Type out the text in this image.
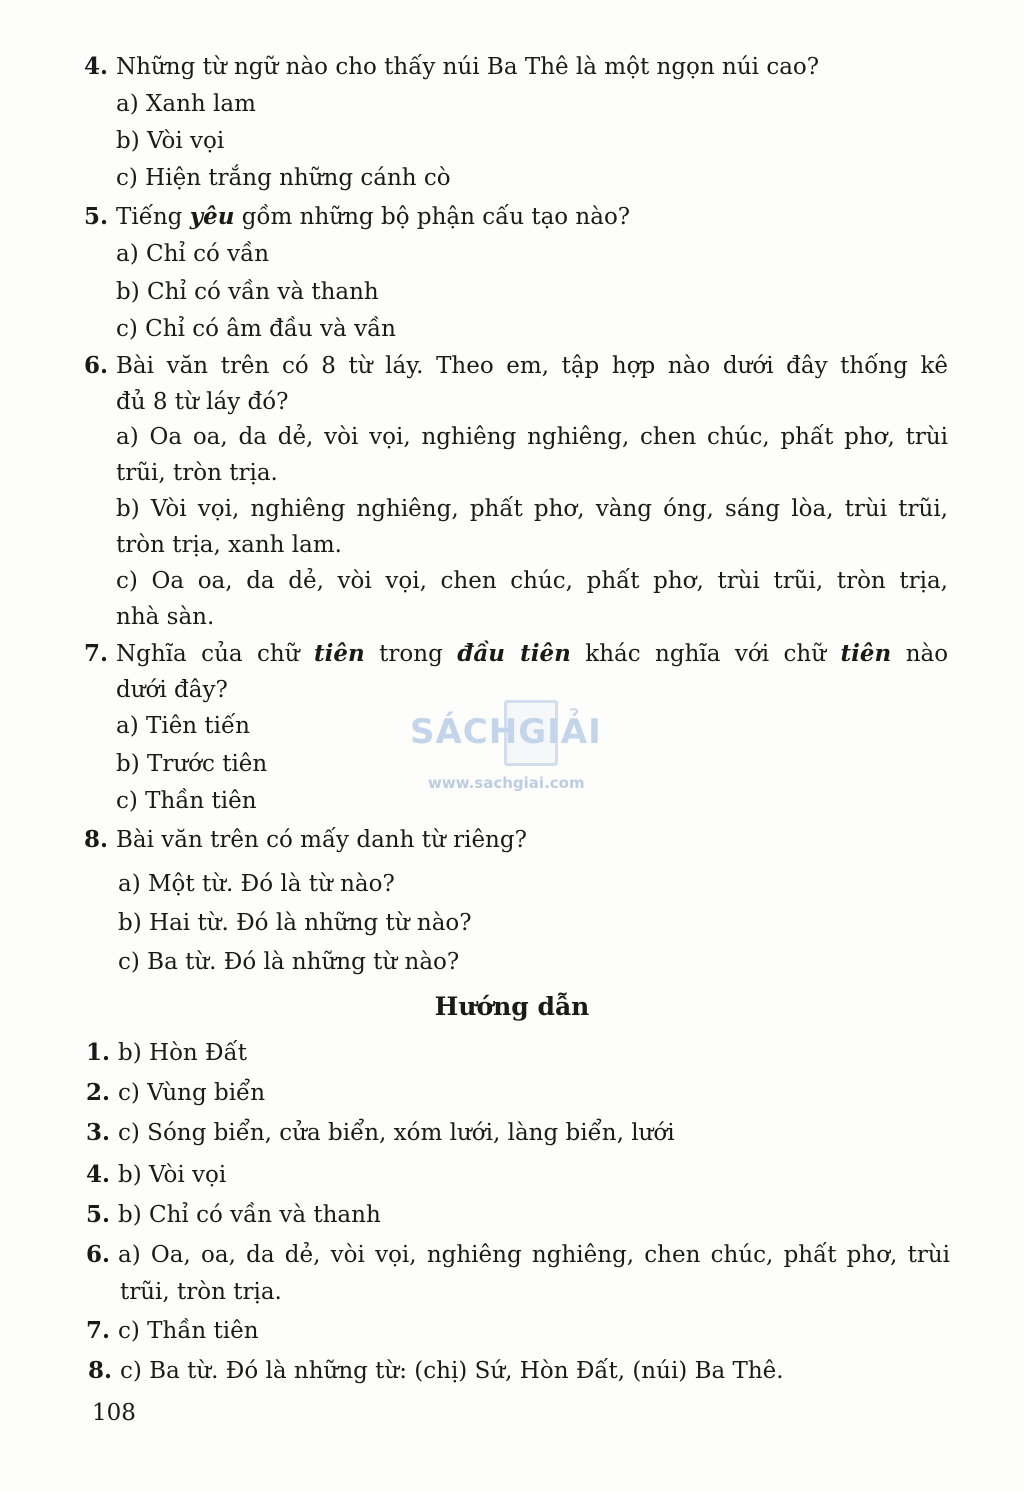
4. Những từ ngữ nào cho thấy núi Ba Thê là một ngọn núi cao?
a) Xanh lam
b) Vòi vọi
c) Hiện trắng những cánh cò
5. Tiếng yêu gồm những bộ phận cấu tạo nào?
a) Chỉ có vần
b) Chỉ có vần và thanh
c) Chỉ có âm đầu và vần
6. Bài văn trên có 8 từ láy. Theo em, tập hợp nào dưới đây thống kê
đủ 8 từ láy đó?
a) Oa oa, da dẻ, vòi vọi, nghiêng nghiêng, chen chúc, phất phơ, trùi
trũi, tròn trịa.
b) Vòi vọi, nghiêng nghiêng, phất phơ, vàng óng, sáng lòa, trùi trũi,
tròn trịa, xanh lam.
c) Oa oa, da dẻ, vòi vọi, chen chúc, phất phơ, trùi trũi, tròn trịa,
nhà sàn.
7. Nghĩa của chữ tiên trong đầu tiên khác nghĩa với chữ tiên nào
dưới đây?
a) Tiên tiến
b) Trước tiên
c) Thần tiên
8. Bài văn trên có mấy danh từ riêng?
a) Một từ. Đó là từ nào?
b) Hai từ. Đó là những từ nào?
c) Ba từ. Đó là những từ nào?
Hướng dẫn
1. b) Hòn Đất
2. c) Vùng biển
3. c) Sóng biển, cửa biển, xóm lưới, làng biển, lưới
4. b) Vòi vọi
5. b) Chỉ có vần và thanh
6. a) Oa, oa, da dẻ, vòi vọi, nghiêng nghiêng, chen chúc, phất phơ, trùi
trũi, tròn trịa.
7. c) Thần tiên
8. c) Ba từ. Đó là những từ: (chị) Sứ, Hòn Đất, (núi) Ba Thê.
108
SÁCHGIẢI
www.sachgiai.com
